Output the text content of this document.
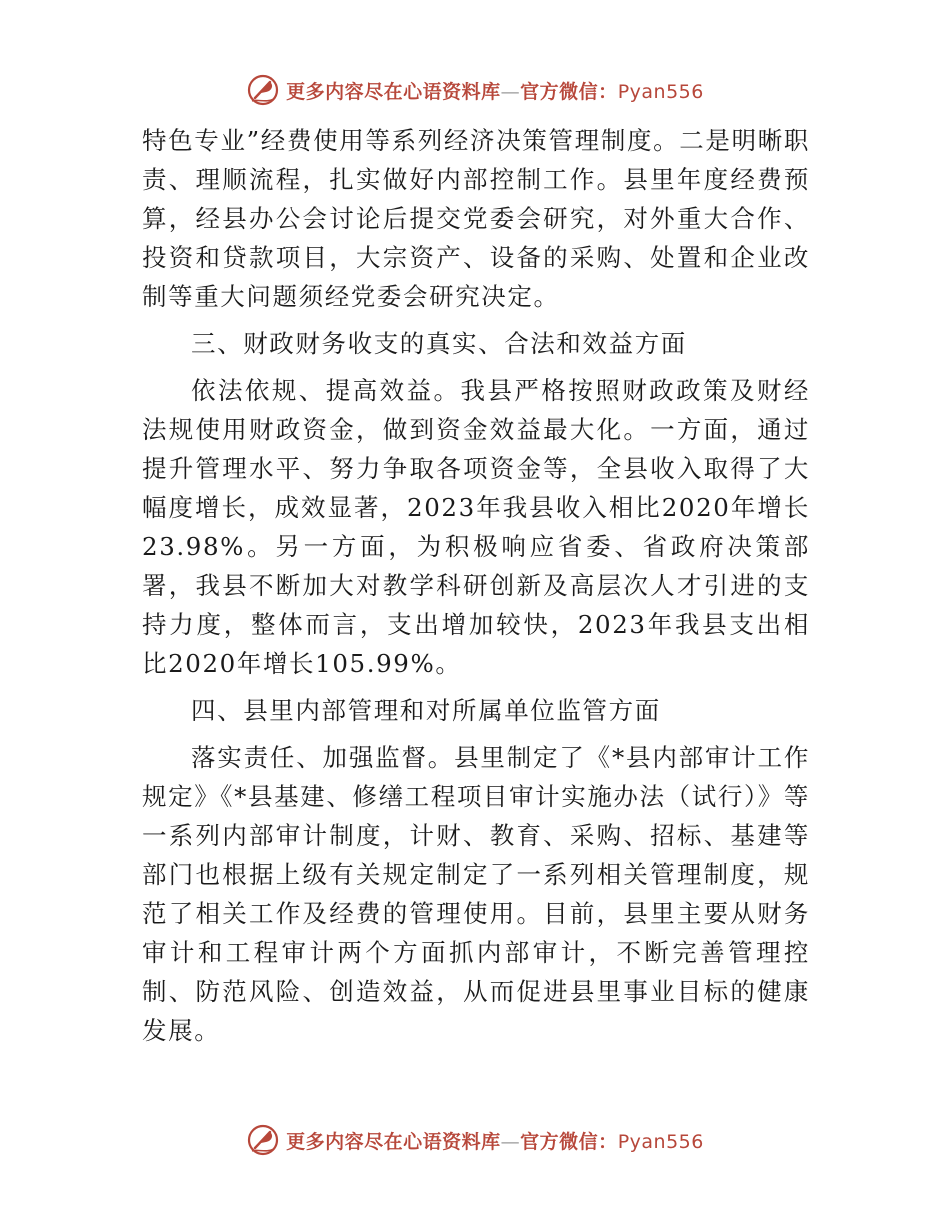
更多内容尽在心语资料库—官方微信：Pyan556

特色专业”经费使用等系列经济决策管理制度。二是明晰职责、理顺流程，扎实做好内部控制工作。县里年度经费预算，经县办公会讨论后提交党委会研究，对外重大合作、投资和贷款项目，大宗资产、设备的采购、处置和企业改制等重大问题须经党委会研究决定。

三、财政财务收支的真实、合法和效益方面

依法依规、提高效益。我县严格按照财政政策及财经法规使用财政资金，做到资金效益最大化。一方面，通过提升管理水平、努力争取各项资金等，全县收入取得了大幅度增长，成效显著，2023年我县收入相比2020年增长23.98%。另一方面，为积极响应省委、省政府决策部署，我县不断加大对教学科研创新及高层次人才引进的支持力度，整体而言，支出增加较快，2023年我县支出相比2020年增长105.99%。

四、县里内部管理和对所属单位监管方面

落实责任、加强监督。县里制定了《*县内部审计工作规定》《*县基建、修缮工程项目审计实施办法（试行）》等一系列内部审计制度，计财、教育、采购、招标、基建等部门也根据上级有关规定制定了一系列相关管理制度，规范了相关工作及经费的管理使用。目前，县里主要从财务审计和工程审计两个方面抓内部审计，不断完善管理控制、防范风险、创造效益，从而促进县里事业目标的健康发展。

更多内容尽在心语资料库—官方微信：Pyan556
